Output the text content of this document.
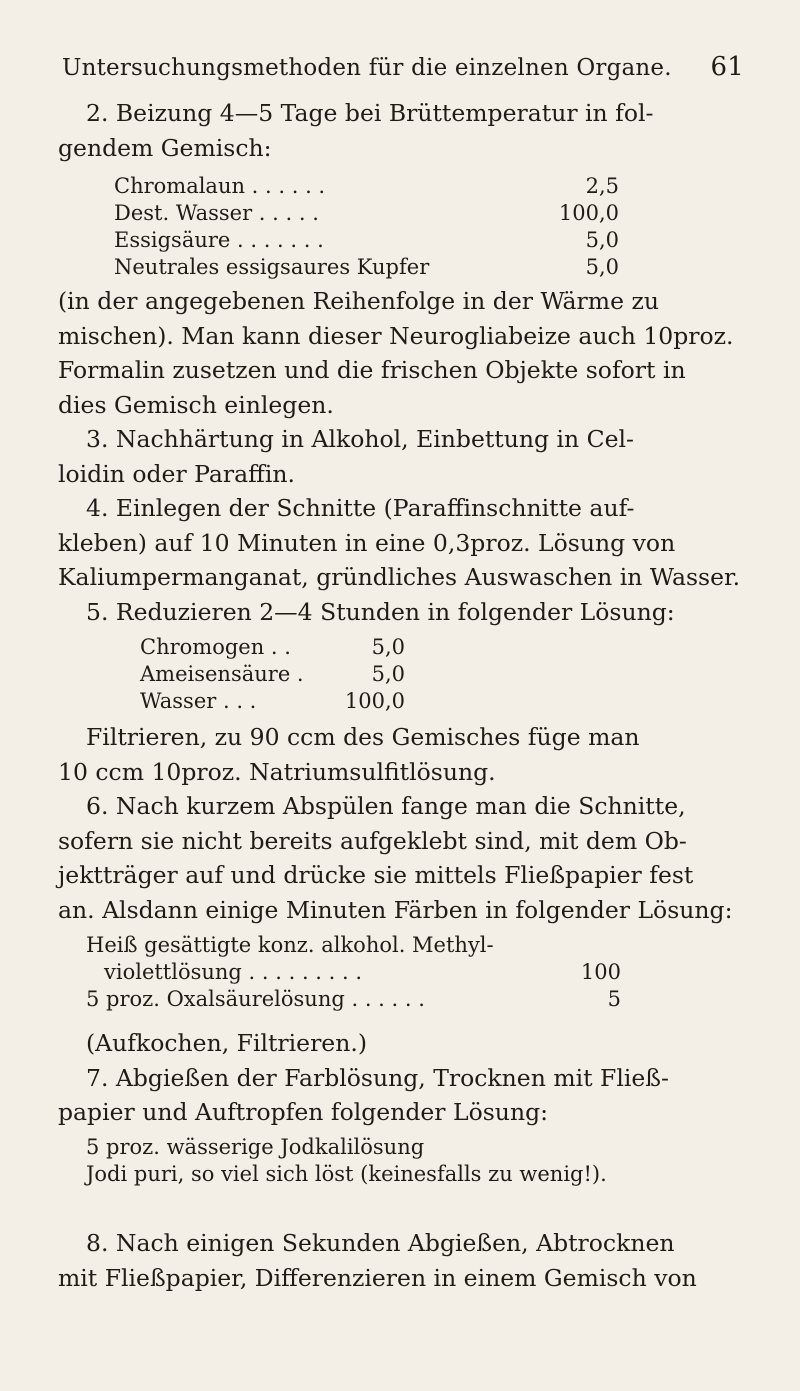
Untersuchungsmethoden für die einzelnen Organe. 61

2. Beizung 4—5 Tage bei Brüttemperatur in fol-

gendem Gemisch:

Chromalaun . . . . . .	2,5
Dest. Wasser . . . . .	100,0
Essigsäure . . . . . . .	5,0
Neutrales essigsaures Kupfer	5,0

(in der angegebenen Reihenfolge in der Wärme zu

mischen). Man kann dieser Neurogliabeize auch 10proz.

Formalin zusetzen und die frischen Objekte sofort in

dies Gemisch einlegen.

3. Nachhärtung in Alkohol, Einbettung in Cel-

loidin oder Paraffin.

4. Einlegen der Schnitte (Paraffinschnitte auf-

kleben) auf 10 Minuten in eine 0,3proz. Lösung von

Kaliumpermanganat, gründliches Auswaschen in Wasser.

5. Reduzieren 2—4 Stunden in folgender Lösung:

Chromogen . .	5,0
Ameisensäure .	5,0
Wasser . . .	100,0

Filtrieren, zu 90 ccm des Gemisches füge man

10 ccm 10proz. Natriumsulfitlösung.

6. Nach kurzem Abspülen fange man die Schnitte,

sofern sie nicht bereits aufgeklebt sind, mit dem Ob-

jektträger auf und drücke sie mittels Fließpapier fest

an. Alsdann einige Minuten Färben in folgender Lösung:

Heiß gesättigte konz. alkohol. Methyl-
violettlösung . . . . . . . . .	100
5 proz. Oxalsäurelösung . . . . . .	5

(Aufkochen, Filtrieren.)

7. Abgießen der Farblösung, Trocknen mit Fließ-

papier und Auftropfen folgender Lösung:

5 proz. wässerige Jodkalilösung
Jodi puri, so viel sich löst (keinesfalls zu wenig!).

8. Nach einigen Sekunden Abgießen, Abtrocknen

mit Fließpapier, Differenzieren in einem Gemisch von
